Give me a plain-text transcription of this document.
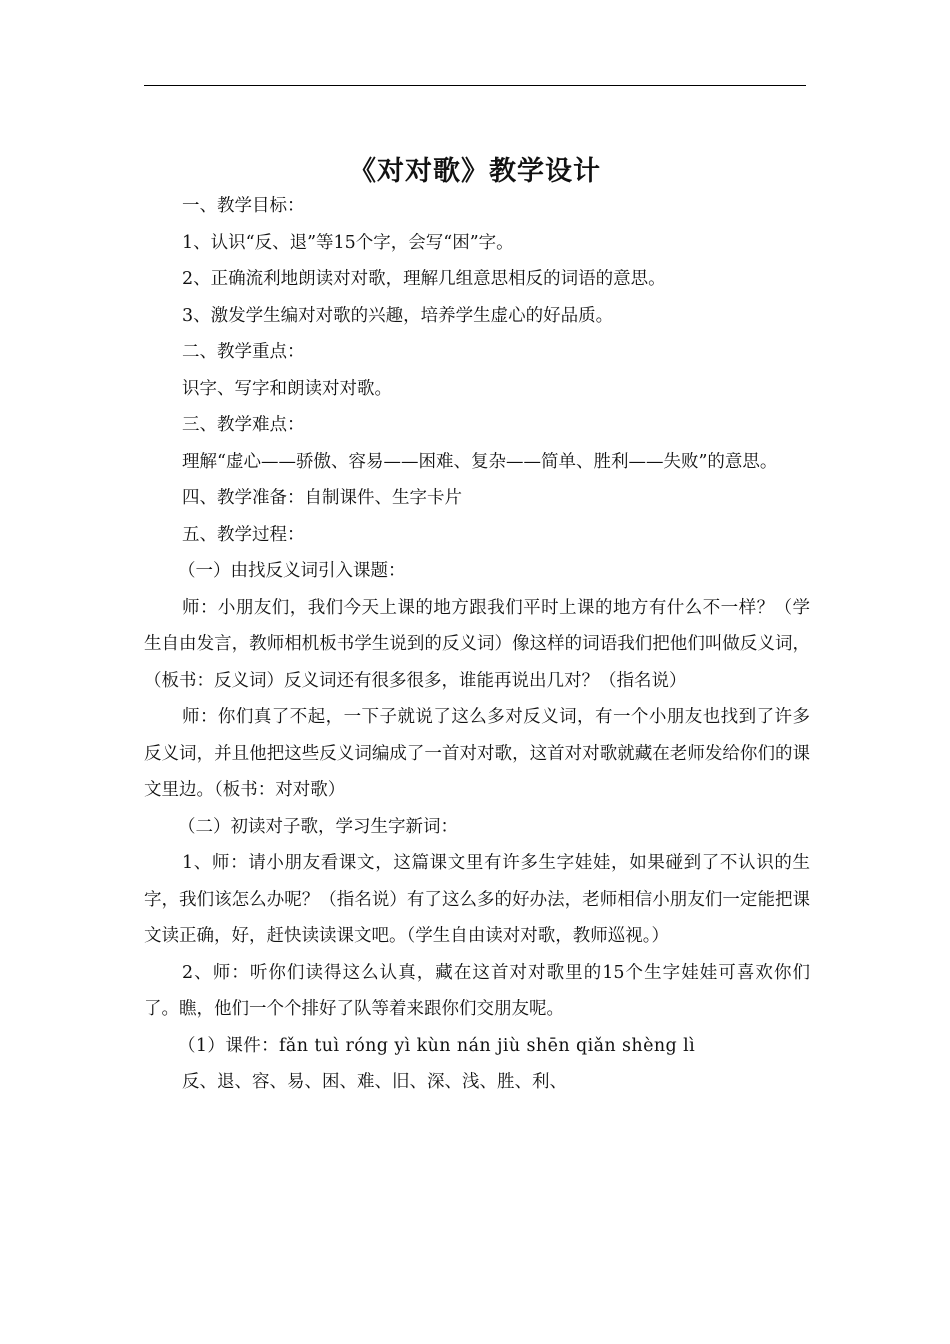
《对对歌》教学设计

一、教学目标：

1、认识“反、退”等15个字，会写“困”字。

2、正确流利地朗读对对歌，理解几组意思相反的词语的意思。

3、激发学生编对对歌的兴趣，培养学生虚心的好品质。

二、教学重点：

识字、写字和朗读对对歌。

三、教学难点：

理解“虚心——骄傲、容易——困难、复杂——简单、胜利——失败”的意思。

四、教学准备：自制课件、生字卡片

五、教学过程：

（一）由找反义词引入课题：

师：小朋友们，我们今天上课的地方跟我们平时上课的地方有什么不一样？（学生自由发言，教师相机板书学生说到的反义词）像这样的词语我们把他们叫做反义词，（板书：反义词）反义词还有很多很多，谁能再说出几对？（指名说）

师：你们真了不起，一下子就说了这么多对反义词，有一个小朋友也找到了许多反义词，并且他把这些反义词编成了一首对对歌，这首对对歌就藏在老师发给你们的课文里边。（板书：对对歌）

（二）初读对子歌，学习生字新词：

1、师：请小朋友看课文，这篇课文里有许多生字娃娃，如果碰到了不认识的生字，我们该怎么办呢？（指名说）有了这么多的好办法，老师相信小朋友们一定能把课文读正确，好，赶快读读课文吧。（学生自由读对对歌，教师巡视。）

2、师：听你们读得这么认真，藏在这首对对歌里的15个生字娃娃可喜欢你们了。瞧，他们一个个排好了队等着来跟你们交朋友呢。

（1）课件：fǎn tuì róng yì kùn nán jiù shēn qiǎn shèng lì

反、退、容、易、困、难、旧、深、浅、胜、利、
